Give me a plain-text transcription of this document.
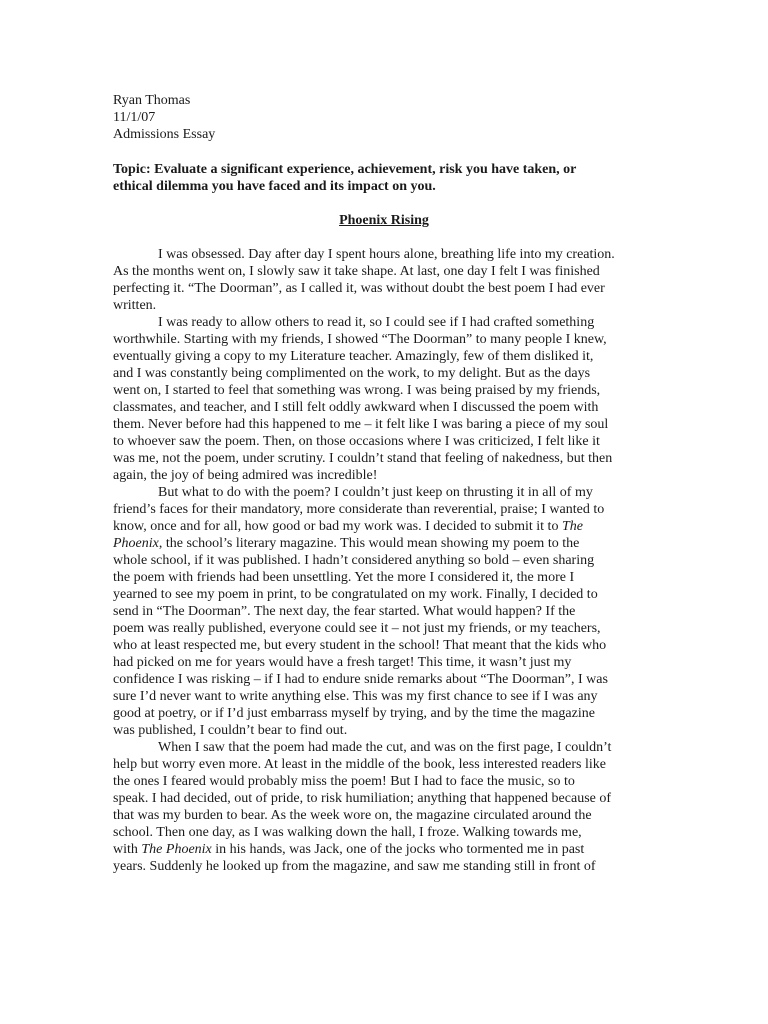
Ryan Thomas
11/1/07
Admissions Essay
Topic: Evaluate a significant experience, achievement, risk you have taken, or
ethical dilemma you have faced and its impact on you.
Phoenix Rising
I was obsessed. Day after day I spent hours alone, breathing life into my creation.
As the months went on, I slowly saw it take shape. At last, one day I felt I was finished
perfecting it. “The Doorman”, as I called it, was without doubt the best poem I had ever
written.
I was ready to allow others to read it, so I could see if I had crafted something
worthwhile. Starting with my friends, I showed “The Doorman” to many people I knew,
eventually giving a copy to my Literature teacher. Amazingly, few of them disliked it,
and I was constantly being complimented on the work, to my delight. But as the days
went on, I started to feel that something was wrong. I was being praised by my friends,
classmates, and teacher, and I still felt oddly awkward when I discussed the poem with
them. Never before had this happened to me – it felt like I was baring a piece of my soul
to whoever saw the poem. Then, on those occasions where I was criticized, I felt like it
was me, not the poem, under scrutiny. I couldn’t stand that feeling of nakedness, but then
again, the joy of being admired was incredible!
But what to do with the poem? I couldn’t just keep on thrusting it in all of my
friend’s faces for their mandatory, more considerate than reverential, praise; I wanted to
know, once and for all, how good or bad my work was. I decided to submit it to The
Phoenix, the school’s literary magazine. This would mean showing my poem to the
whole school, if it was published. I hadn’t considered anything so bold – even sharing
the poem with friends had been unsettling. Yet the more I considered it, the more I
yearned to see my poem in print, to be congratulated on my work. Finally, I decided to
send in “The Doorman”. The next day, the fear started. What would happen? If the
poem was really published, everyone could see it – not just my friends, or my teachers,
who at least respected me, but every student in the school! That meant that the kids who
had picked on me for years would have a fresh target! This time, it wasn’t just my
confidence I was risking – if I had to endure snide remarks about “The Doorman”, I was
sure I’d never want to write anything else. This was my first chance to see if I was any
good at poetry, or if I’d just embarrass myself by trying, and by the time the magazine
was published, I couldn’t bear to find out.
When I saw that the poem had made the cut, and was on the first page, I couldn’t
help but worry even more. At least in the middle of the book, less interested readers like
the ones I feared would probably miss the poem! But I had to face the music, so to
speak. I had decided, out of pride, to risk humiliation; anything that happened because of
that was my burden to bear. As the week wore on, the magazine circulated around the
school. Then one day, as I was walking down the hall, I froze. Walking towards me,
with The Phoenix in his hands, was Jack, one of the jocks who tormented me in past
years. Suddenly he looked up from the magazine, and saw me standing still in front of
